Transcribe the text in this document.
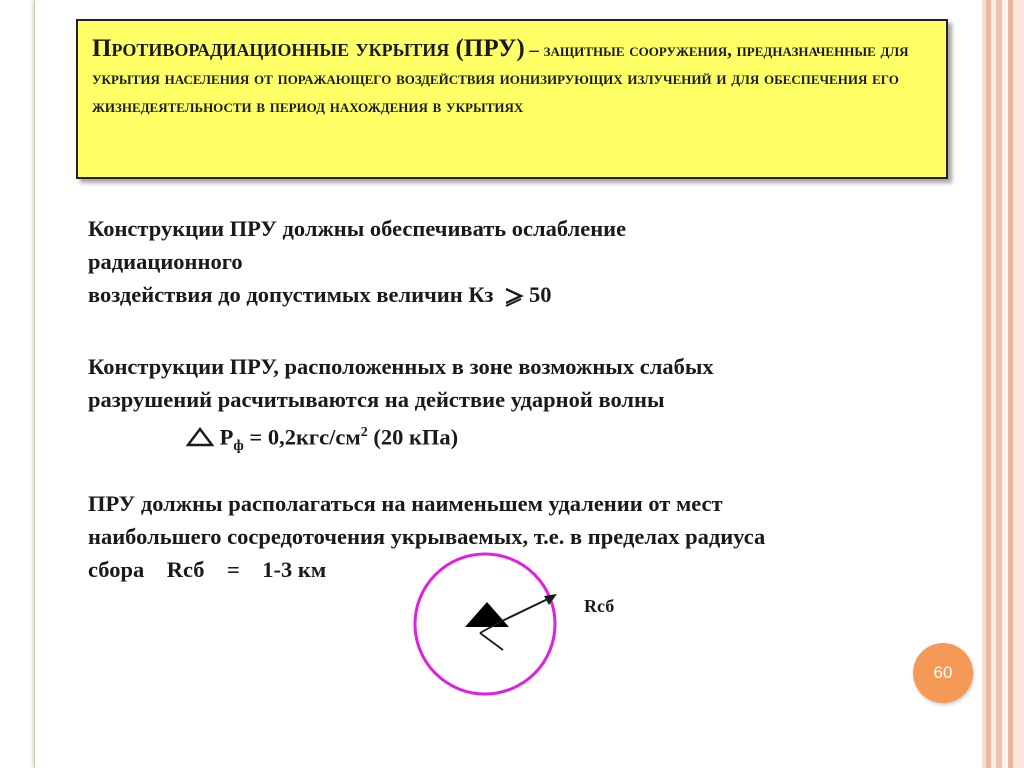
Противорадиационные укрытия (ПРУ) – защитные сооружения, предназначенные для укрытия населения от поражающего воздействия ионизирующих излучений и для обеспечения его жизнедеятельности в период нахождения в укрытиях
Конструкции ПРУ должны обеспечивать ослабление
радиационного
воздействия до допустимых величин Кз 50
Конструкции ПРУ, расположенных в зоне возможных слабых
разрушений расчитываются на действие ударной волны
$Р_ф = 0,2кгс/см^2$ (20 кПа)
ПРУ должны располагаться на наименьшем удалении от мест
наибольшего сосредоточения укрываемых, т.е. в пределах радиуса
сбора    Rсб    =    1-3 км
Rсб
60
